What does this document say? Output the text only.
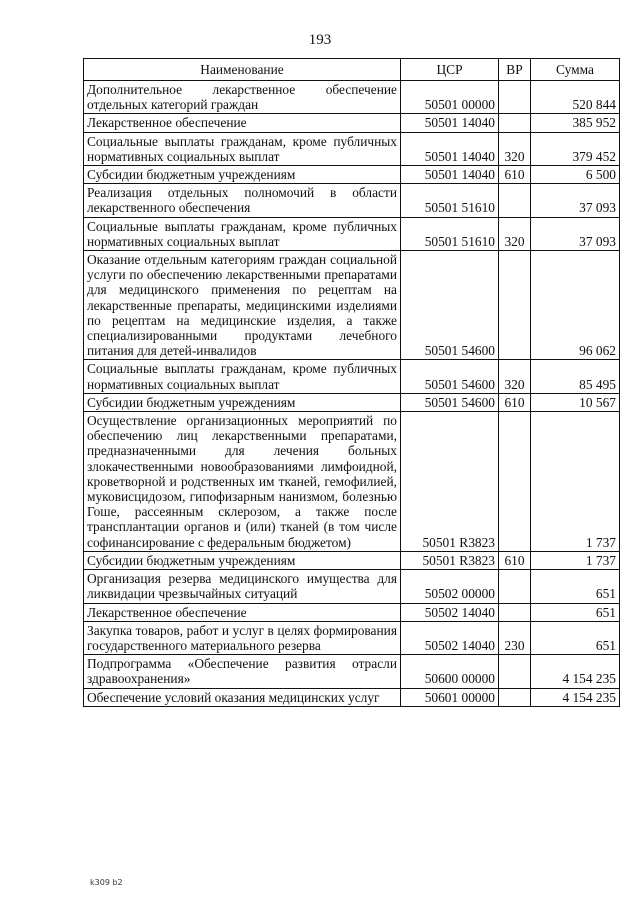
193
Наименование	ЦСР	ВР	Сумма
Дополнительное лекарственное обеспечение отдельных категорий граждан	50501 00000		520 844
Лекарственное обеспечение	50501 14040		385 952
Социальные выплаты гражданам, кроме публичных нормативных социальных выплат	50501 14040	320	379 452
Субсидии бюджетным учреждениям	50501 14040	610	6 500
Реализация отдельных полномочий в области лекарственного обеспечения	50501 51610		37 093
Социальные выплаты гражданам, кроме публичных нормативных социальных выплат	50501 51610	320	37 093
Оказание отдельным категориям граждан социальной услуги по обеспечению лекарственными препаратами для медицинского применения по рецептам на лекарственные препараты, медицинскими изделиями по рецептам на медицинские изделия, а также специализированными продуктами лечебного питания для детей-инвалидов	50501 54600		96 062
Социальные выплаты гражданам, кроме публичных нормативных социальных выплат	50501 54600	320	85 495
Субсидии бюджетным учреждениям	50501 54600	610	10 567
Осуществление организационных мероприятий по обеспечению лиц лекарственными препаратами, предназначенными для лечения больных злокачественными новообразованиями лимфоидной, кроветворной и родственных им тканей, гемофилией, муковисцидозом, гипофизарным нанизмом, болезнью Гоше, рассеянным склерозом, а также после трансплантации органов и (или) тканей (в том числе софинансирование с федеральным бюджетом)	50501 R3823		1 737
Субсидии бюджетным учреждениям	50501 R3823	610	1 737
Организация резерва медицинского имущества для ликвидации чрезвычайных ситуаций	50502 00000		651
Лекарственное обеспечение	50502 14040		651
Закупка товаров, работ и услуг в целях формирования государственного материального резерва	50502 14040	230	651
Подпрограмма «Обеспечение развития отрасли здравоохранения»	50600 00000		4 154 235
Обеспечение условий оказания медицинских услуг	50601 00000		4 154 235
k309 b2
